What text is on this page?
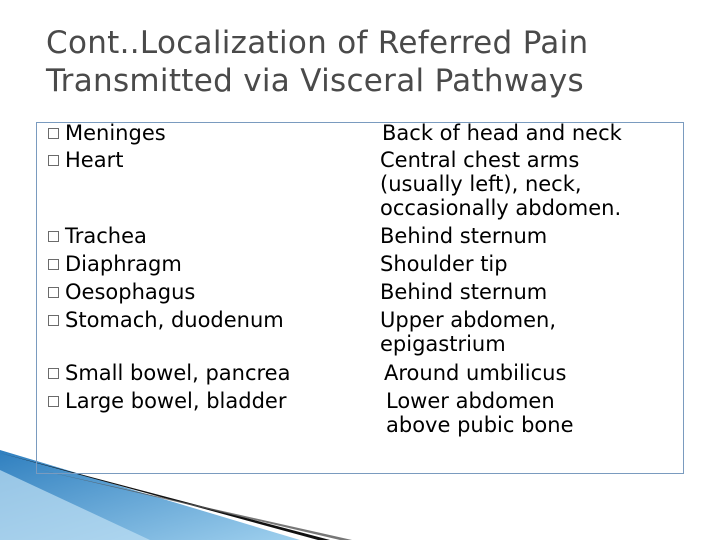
Cont..Localization of Referred Pain
Transmitted via Visceral Pathways
Meninges
Heart
Trachea
Diaphragm
Oesophagus
Stomach, duodenum
Small bowel, pancrea
Large bowel, bladder
Back of head and neck
Central chest arms
(usually left), neck,
occasionally abdomen.
Behind sternum
Shoulder tip
Behind sternum
Upper abdomen,
epigastrium
Around umbilicus
Lower abdomen
above pubic bone
